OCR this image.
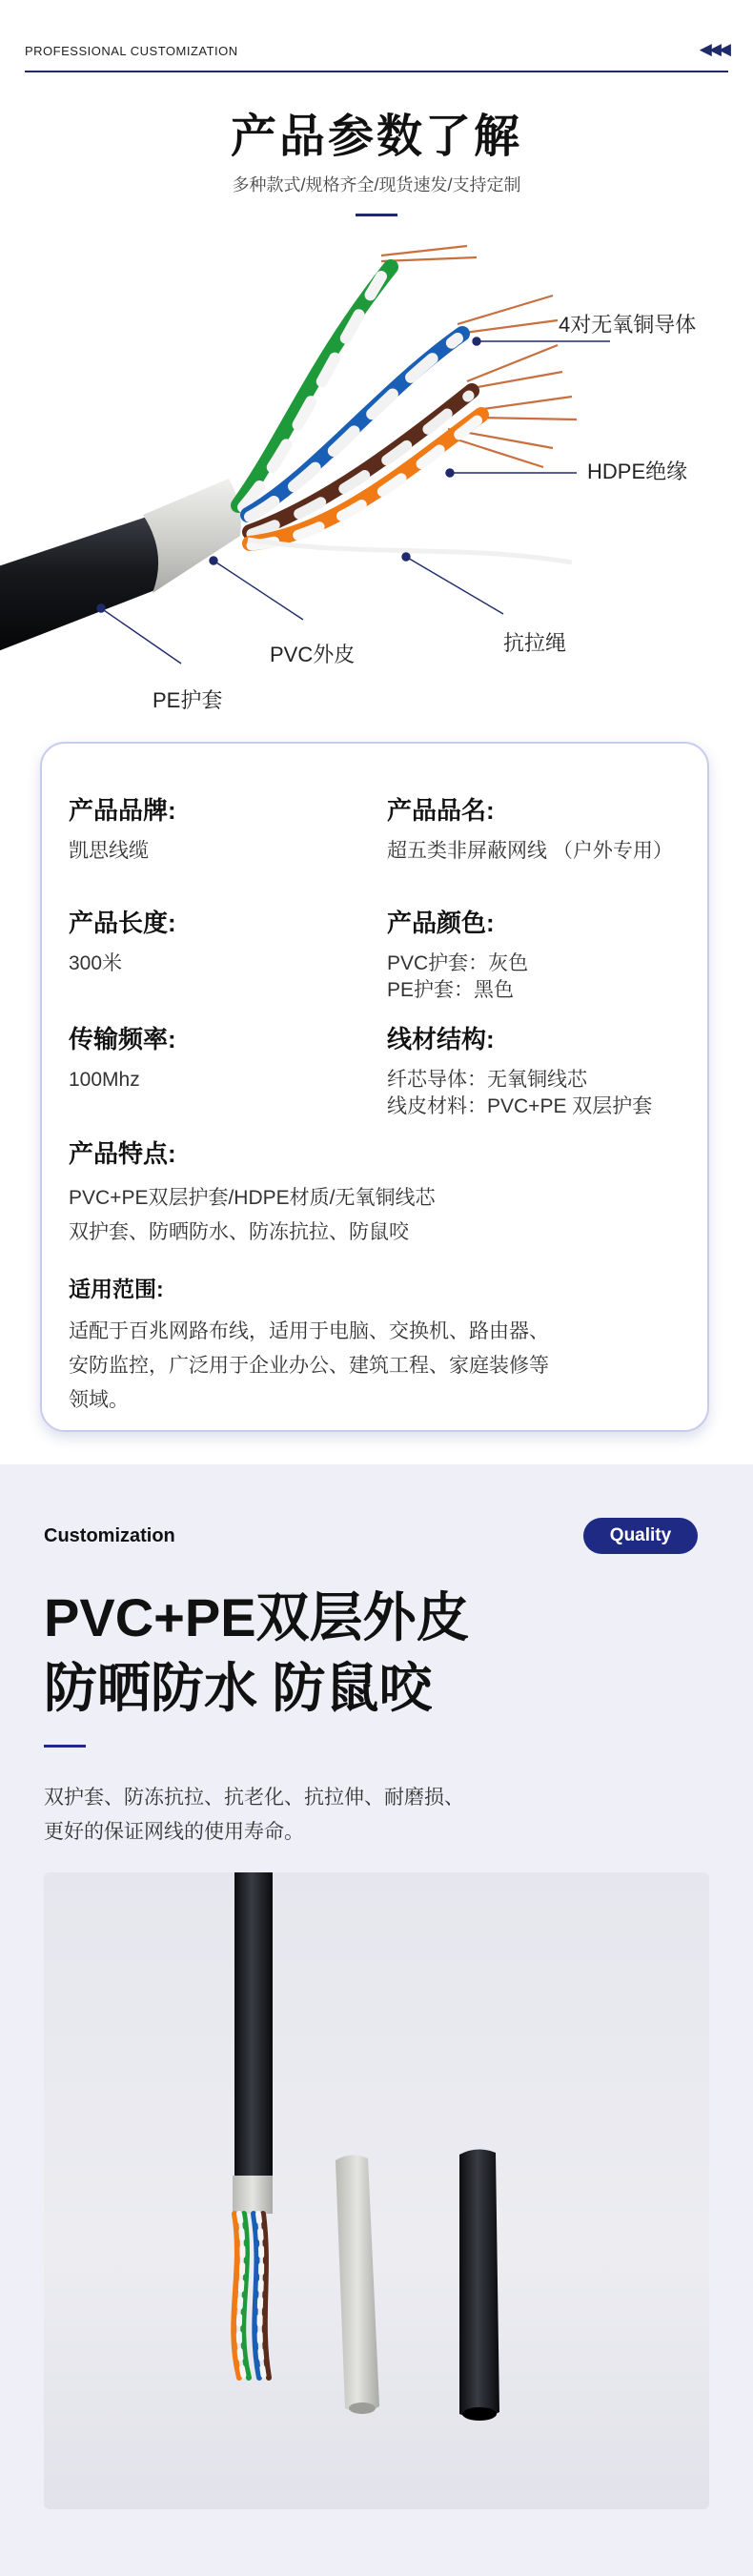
PROFESSIONAL CUSTOMIZATION	◀◀◀
产品参数了解
多种款式/规格齐全/现货速发/支持定制
4对无氧铜导体
HDPE绝缘
PVC外皮	抗拉绳
PE护套
产品品牌:
凯思线缆
产品品名:
超五类非屏蔽网线 （户外专用）
产品长度:
300米
产品颜色:
PVC护套：灰色
PE护套：黑色
传输频率:
100Mhz
线材结构:
纤芯导体：无氧铜线芯
线皮材料：PVC+PE 双层护套
产品特点:
PVC+PE双层护套/HDPE材质/无氧铜线芯
双护套、防晒防水、防冻抗拉、防鼠咬
适用范围:
适配于百兆网路布线，适用于电脑、交换机、路由器、
安防监控，广泛用于企业办公、建筑工程、家庭装修等
领域。
Customization	Quality
PVC+PE双层外皮
防晒防水 防鼠咬
双护套、防冻抗拉、抗老化、抗拉伸、耐磨损、
更好的保证网线的使用寿命。
